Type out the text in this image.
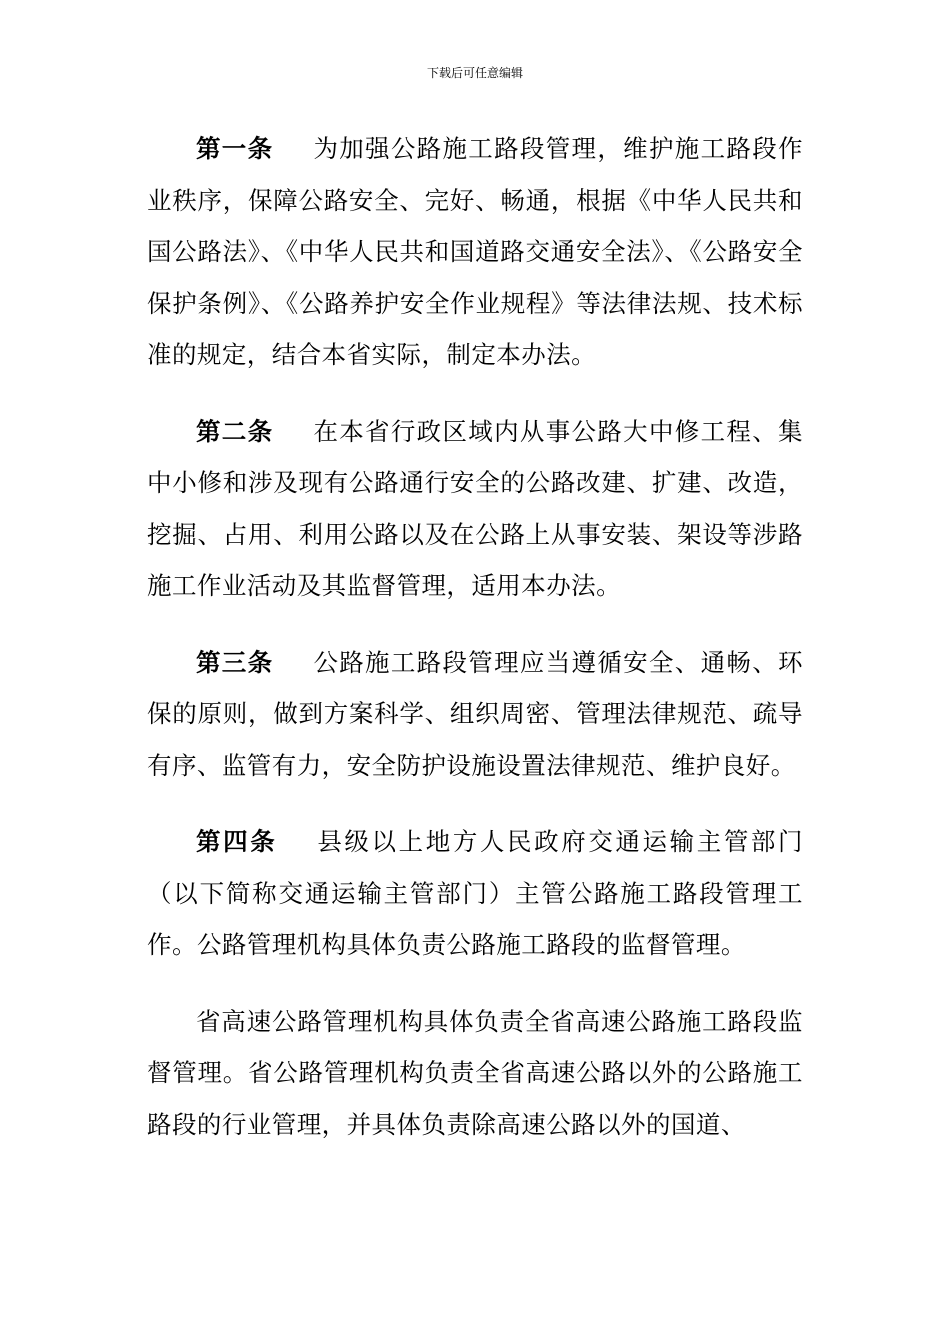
下载后可任意编辑

第一条 为加强公路施工路段管理，维护施工路段作业秩序，保障公路安全、完好、畅通，根据《中华人民共和国公路法》、《中华人民共和国道路交通安全法》、《公路安全保护条例》、《公路养护安全作业规程》等法律法规、技术标准的规定，结合本省实际，制定本办法。

第二条 在本省行政区域内从事公路大中修工程、集中小修和涉及现有公路通行安全的公路改建、扩建、改造，挖掘、占用、利用公路以及在公路上从事安装、架设等涉路施工作业活动及其监督管理，适用本办法。

第三条 公路施工路段管理应当遵循安全、通畅、环保的原则，做到方案科学、组织周密、管理法律规范、疏导有序、监管有力，安全防护设施设置法律规范、维护良好。

第四条 县级以上地方人民政府交通运输主管部门（以下简称交通运输主管部门）主管公路施工路段管理工作。公路管理机构具体负责公路施工路段的监督管理。

省高速公路管理机构具体负责全省高速公路施工路段监督管理。省公路管理机构负责全省高速公路以外的公路施工路段的行业管理，并具体负责除高速公路以外的国道、
